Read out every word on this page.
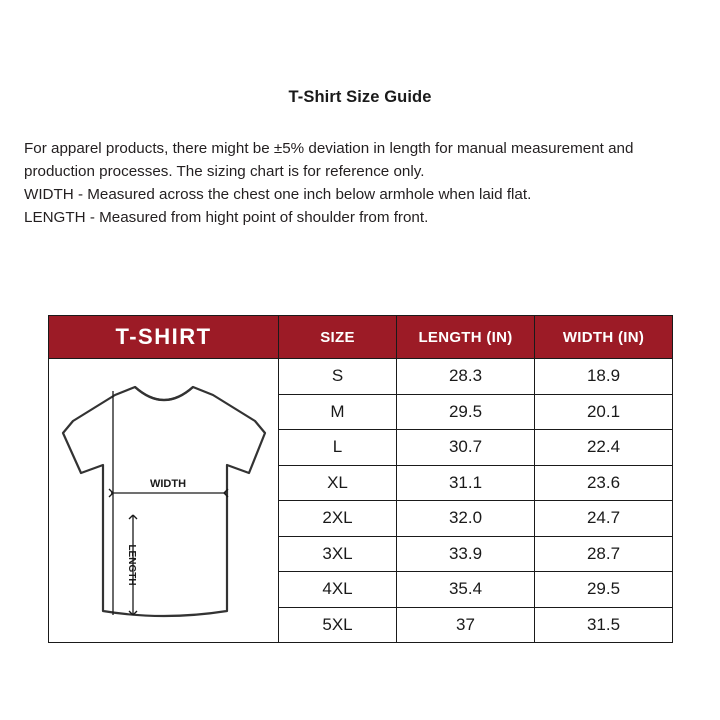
T-Shirt Size Guide

For apparel products, there might be ±5% deviation in length for manual measurement and production processes. The sizing chart is for reference only.

WIDTH - Measured across the chest one inch below armhole when laid flat.

LENGTH - Measured from hight point of shoulder from front.

T-SHIRT	SIZE	LENGTH (IN)	WIDTH (IN)

WIDTH
LENGTH	S	28.3	18.9
	M	29.5	20.1
	L	30.7	22.4
	XL	31.1	23.6
	2XL	32.0	24.7
	3XL	33.9	28.7
	4XL	35.4	29.5
	5XL	37	31.5
